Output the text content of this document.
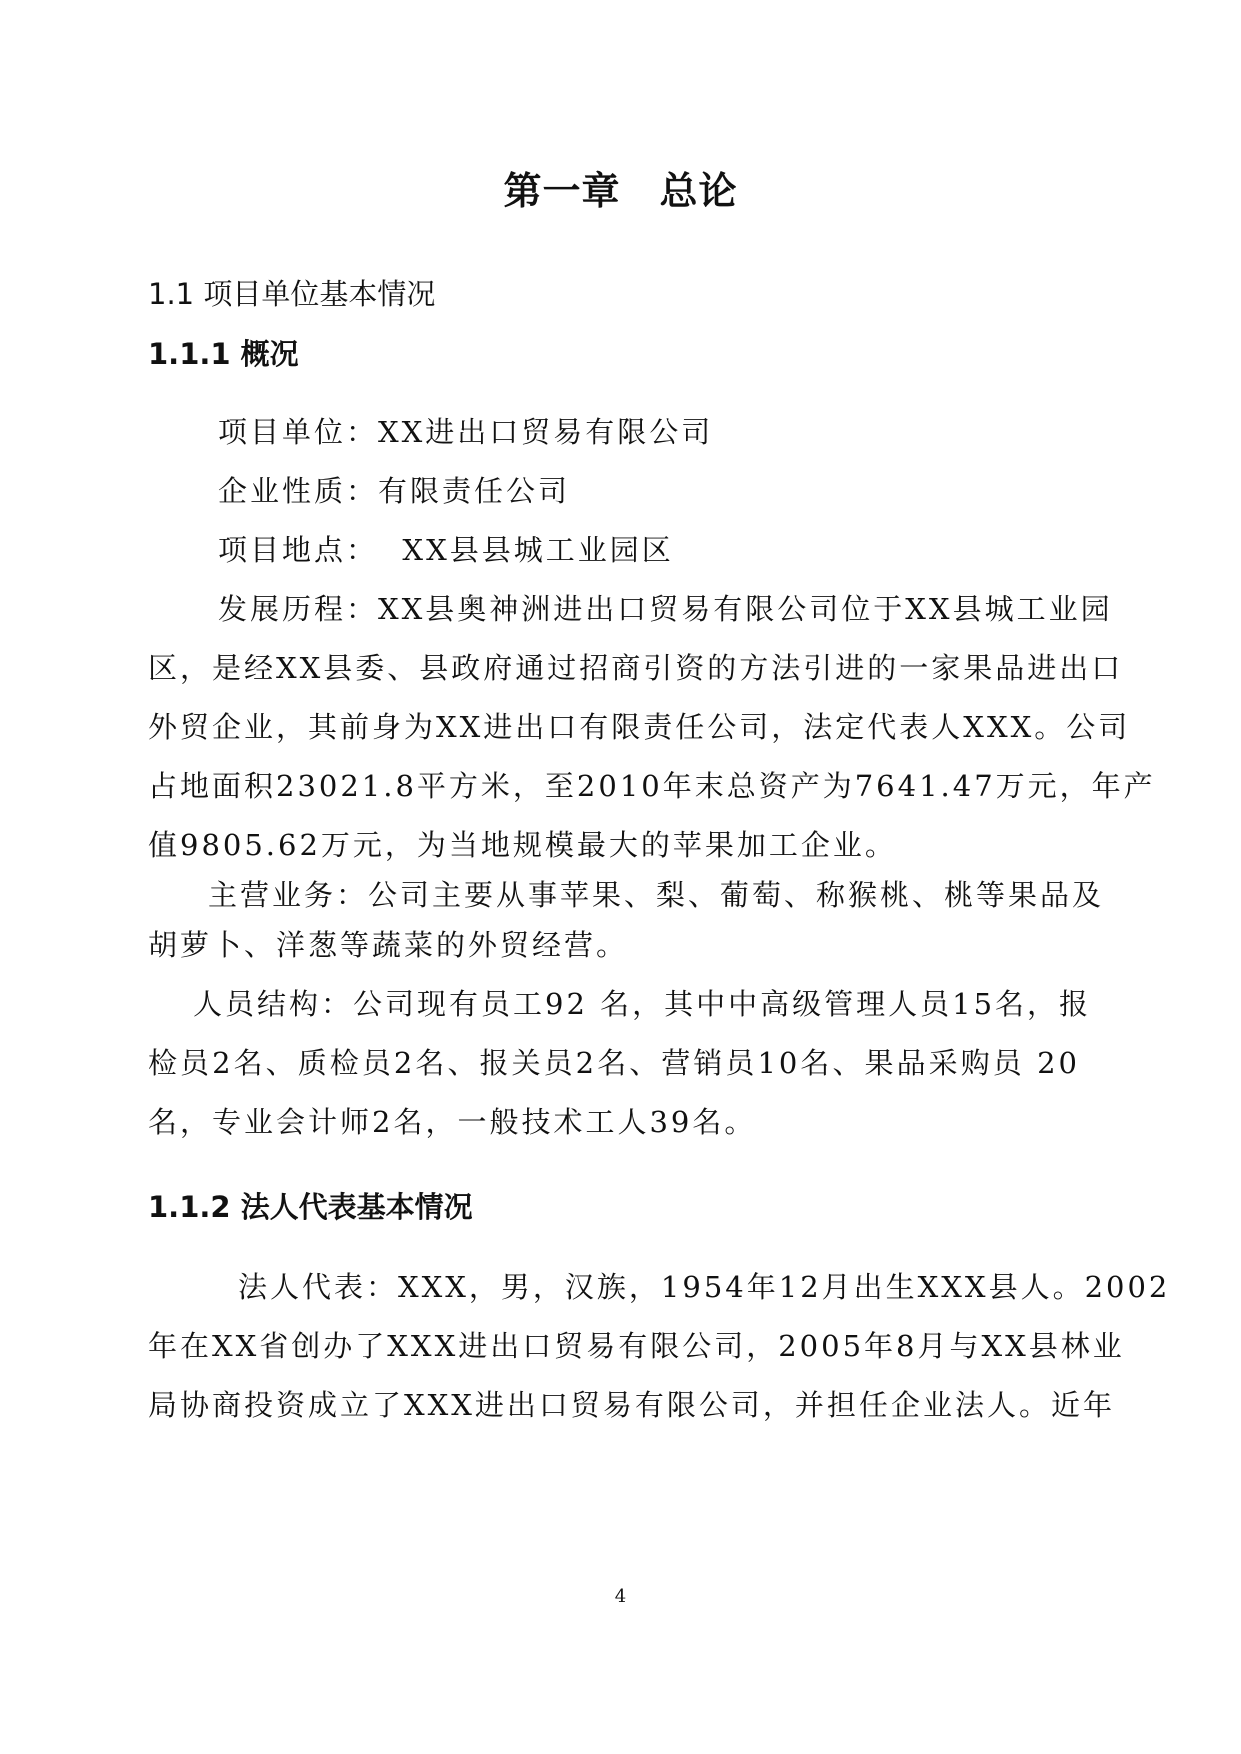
第一章　总论
1.1 项目单位基本情况
1.1.1 概况
项目单位：XX进出口贸易有限公司
企业性质：有限责任公司
项目地点：  XX县县城工业园区
发展历程：XX县奥神洲进出口贸易有限公司位于XX县城工业园
区，是经XX县委、县政府通过招商引资的方法引进的一家果品进出口
外贸企业，其前身为XX进出口有限责任公司，法定代表人XXX。公司
占地面积23021.8平方米，至2010年末总资产为7641.47万元，年产
值9805.62万元，为当地规模最大的苹果加工企业。
主营业务：公司主要从事苹果、梨、葡萄、称猴桃、桃等果品及
胡萝卜、洋葱等蔬菜的外贸经营。
人员结构：公司现有员工92 名，其中中高级管理人员15名，报
检员2名、质检员2名、报关员2名、营销员10名、果品采购员 20
名，专业会计师2名，一般技术工人39名。
1.1.2 法人代表基本情况
法人代表：XXX，男，汉族，1954年12月出生XXX县人。2002
年在XX省创办了XXX进出口贸易有限公司，2005年8月与XX县林业
局协商投资成立了XXX进出口贸易有限公司，并担任企业法人。近年
4
